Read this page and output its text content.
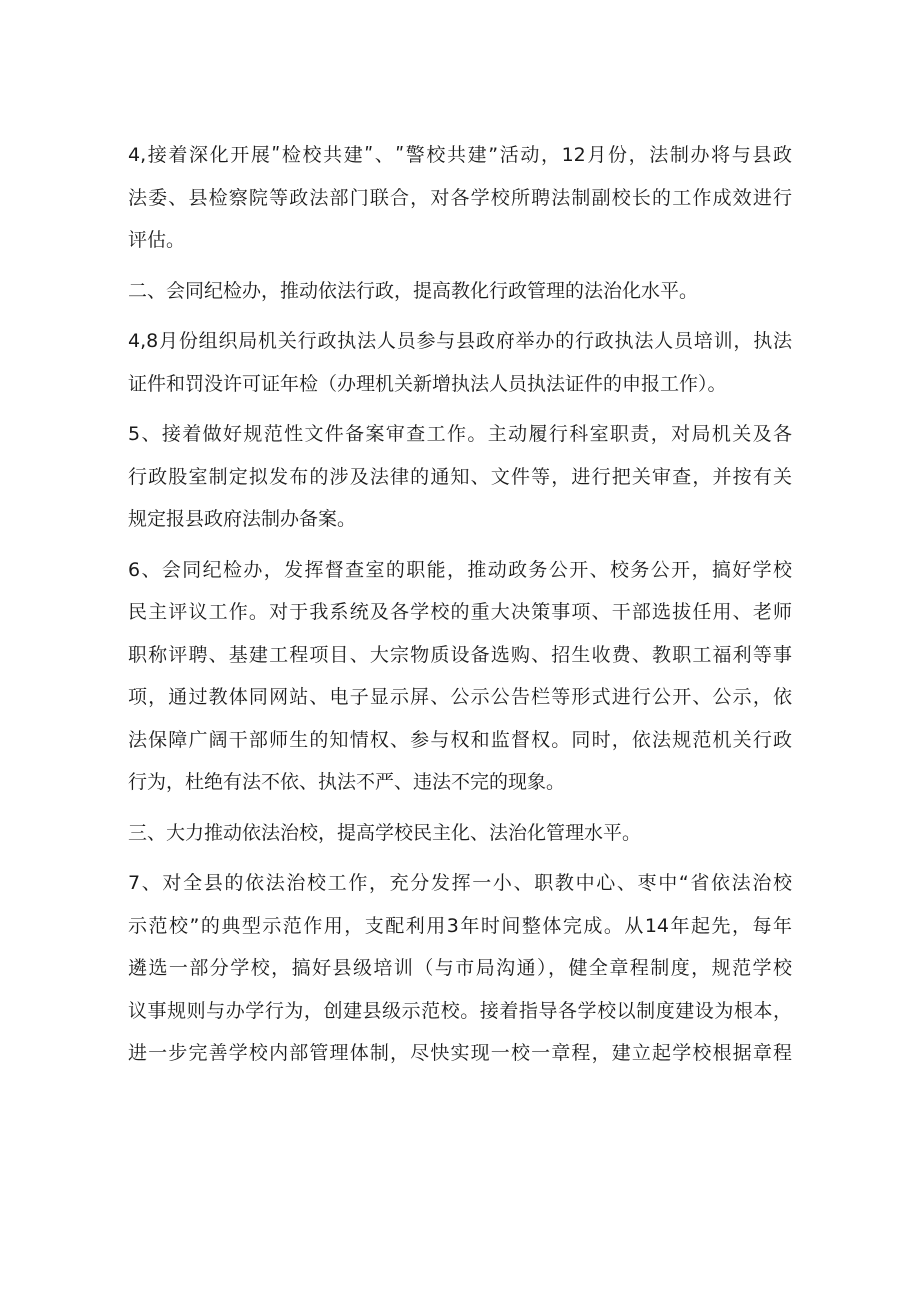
4,接着深化开展ʺ检校共建ʺ、ʺ警校共建”活动，12月份，法制办将与县政
法委、县检察院等政法部门联合，对各学校所聘法制副校长的工作成效进行
评估。
二、会同纪检办，推动依法行政，提高教化行政管理的法治化水平。
4,8月份组织局机关行政执法人员参与县政府举办的行政执法人员培训，执法
证件和罚没许可证年检（办理机关新增执法人员执法证件的申报工作）。
5、接着做好规范性文件备案审查工作。主动履行科室职责，对局机关及各
行政股室制定拟发布的涉及法律的通知、文件等，进行把关审查，并按有关
规定报县政府法制办备案。
6、会同纪检办，发挥督查室的职能，推动政务公开、校务公开，搞好学校
民主评议工作。对于我系统及各学校的重大决策事项、干部选拔任用、老师
职称评聘、基建工程项目、大宗物质设备选购、招生收费、教职工福利等事
项，通过教体同网站、电子显示屏、公示公告栏等形式进行公开、公示，依
法保障广阔干部师生的知情权、参与权和监督权。同时，依法规范机关行政
行为，杜绝有法不依、执法不严、违法不完的现象。
三、大力推动依法治校，提高学校民主化、法治化管理水平。
7、对全县的依法治校工作，充分发挥一小、职教中心、枣中“省依法治校
示范校”的典型示范作用，支配利用3年时间整体完成。从14年起先，每年
遴选一部分学校，搞好县级培训（与市局沟通），健全章程制度，规范学校
议事规则与办学行为，创建县级示范校。接着指导各学校以制度建设为根本，
进一步完善学校内部管理体制，尽快实现一校一章程，建立起学校根据章程
